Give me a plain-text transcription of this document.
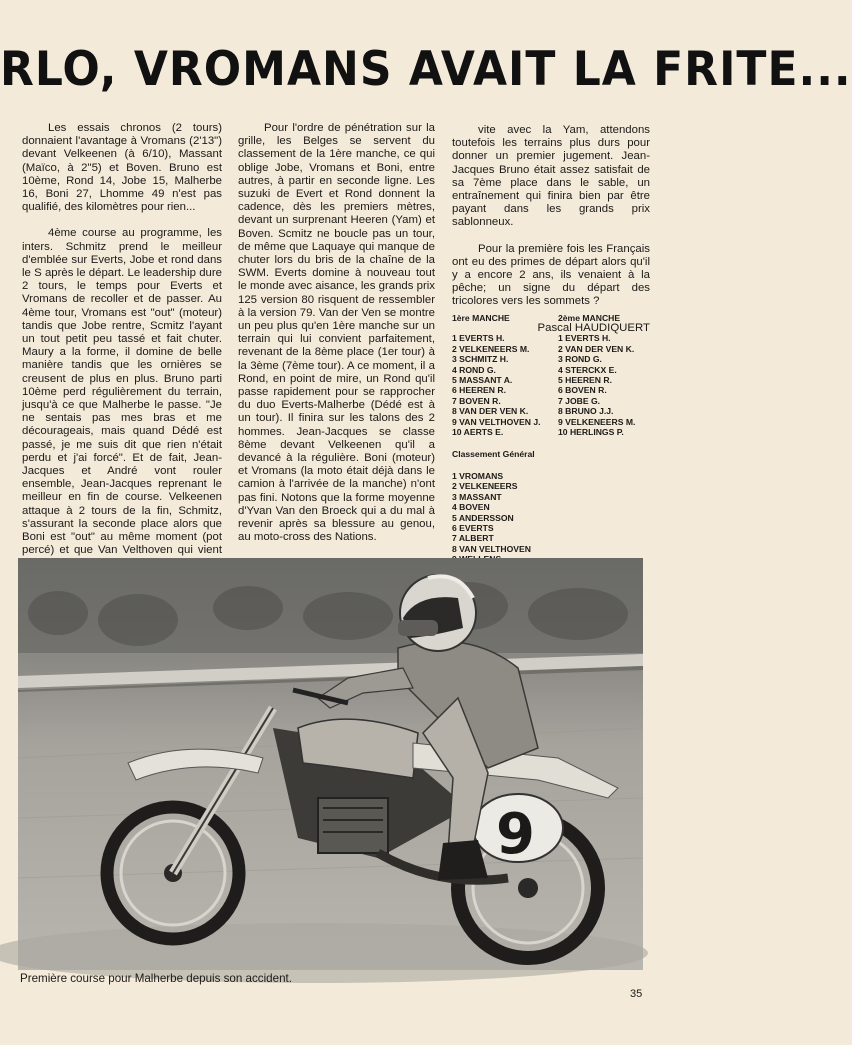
RLO, VROMANS AVAIT LA FRITE...

Les essais chronos (2 tours) donnaient l'avantage à Vromans (2'13") devant Velkeenen (à 6/10), Massant (Maïco, à 2"5) et Boven. Bruno est 10ème, Rond 14, Jobe 15, Malherbe 16, Boni 27, Lhomme 49 n'est pas qualifié, des kilomètres pour rien...

4ème course au programme, les inters. Schmitz prend le meilleur d'emblée sur Everts, Jobe et rond dans le S après le départ. Le leadership dure 2 tours, le temps pour Everts et Vromans de recoller et de passer. Au 4ème tour, Vromans est "out" (moteur) tandis que Jobe rentre, Scmitz l'ayant un tout petit peu tassé et fait chuter. Maury a la forme, il domine de belle manière tandis que les ornières se creusent de plus en plus. Bruno parti 10ème perd régulièrement du terrain, jusqu'à ce que Malherbe le passe. "Je ne sentais pas mes bras et me décourageais, mais quand Dédé est passé, je me suis dit que rien n'était perdu et j'ai forcé". Et de fait, Jean-Jacques et André vont rouler ensemble, Jean-Jacques reprenant le meilleur en fin de course. Velkeenen attaque à 2 tours de la fin, Schmitz, s'assurant la seconde place alors que Boni est "out" au même moment (pot percé) et que Van Velthoven qui vient

Pour l'ordre de pénétration sur la grille, les Belges se servent du classement de la 1ère manche, ce qui oblige Jobe, Vromans et Boni, entre autres, à partir en seconde ligne. Les suzuki de Evert et Rond donnent la cadence, dès les premiers mètres, devant un surprenant Heeren (Yam) et Boven. Scmitz ne boucle pas un tour, de même que Laquaye qui manque de chuter lors du bris de la chaîne de la SWM. Everts domine à nouveau tout le monde avec aisance, les grands prix 125 version 80 risquent de ressembler à la version 79. Van der Ven se montre un peu plus qu'en 1ère manche sur un terrain qui lui convient parfaitement, revenant de la 8ème place (1er tour) à la 3ème (7ème tour). A ce moment, il a Rond, en point de mire, un Rond qu'il passe rapidement pour se rapprocher du duo Everts-Malherbe (Dédé est à un tour). Il finira sur les talons des 2 hommes. Jean-Jacques se classe 8ème devant Velkeenen qu'il a devancé à la régulière. Boni (moteur) et Vromans (la moto était déjà dans le camion à l'arrivée de la manche) n'ont pas fini. Notons que la forme moyenne d'Yvan Van den Broeck qui a du mal à revenir après sa blessure au genou, au moto-cross des Nations.

vite avec la Yam, attendons toutefois les terrains plus durs pour donner un premier jugement. Jean-Jacques Bruno était assez satisfait de sa 7ème place dans le sable, un entraînement qui finira bien par être payant dans les grands prix sablonneux.

Pour la première fois les Français ont eu des primes de départ alors qu'il y a encore 2 ans, ils venaient à la pêche; un signe du départ des tricolores vers les sommets ?

Pascal HAUDIQUERT
1ère MANCHE
1 EVERTS H.
2 VELKENEERS M.
3 SCHMITZ H.
4 ROND G.
5 MASSANT A.
6 HEEREN R.
7 BOVEN R.
8 VAN DER VEN K.
9 VAN VELTHOVEN J.
10 AERTS E.
2ème MANCHE
1 EVERTS H.
2 VAN DER VEN K.
3 ROND G.
4 STERCKX E.
5 HEEREN R.
6 BOVEN R.
7 JOBE G.
8 BRUNO J.J.
9 VELKENEERS M.
10 HERLINGS P.
Classement Général
1 VROMANS
2 VELKENEERS
3 MASSANT
4 BOVEN
5 ANDERSSON
6 EVERTS
7 ALBERT
8 VAN VELTHOVEN
9
Première course pour Malherbe depuis son accident.
35
